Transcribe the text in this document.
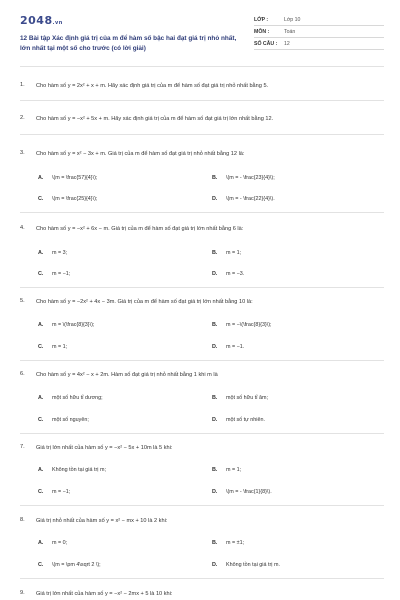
2048.vn
12 Bài tập Xác định giá trị của m để hàm số bậc hai đạt giá trị nhỏ nhất, lớn nhất tại một số cho trước (có lời giải)
LỚP :	Lớp 10
MÔN :	Toán
SỐ CÂU :	12
1.	Cho hàm số y = 2x² + x + m. Hãy xác định giá trị của m để hàm số đạt giá trị nhỏ nhất bằng 5.
2.	Cho hàm số y = −x² + 5x + m. Hãy xác định giá trị của m để hàm số đạt giá trị lớn nhất bằng 12.
3.	Cho hàm số y = x² − 3x + m. Giá trị của m để hàm số đạt giá trị nhỏ nhất bằng 12 là:
A. \(m = \frac{57}{4}\);	B. \(m = - \frac{23}{4}\);
C. \(m = \frac{25}{4}\);	D. \(m = - \frac{22}{4}\).
4.	Cho hàm số y = −x² + 6x − m. Giá trị của m để hàm số đạt giá trị lớn nhất bằng 6 là:
A. m = 3;	B. m = 1;
C. m = −1;	D. m = −3.
5.	Cho hàm số y = −2x² + 4x − 3m. Giá trị của m để hàm số đạt giá trị lớn nhất bằng 10 là:
A. m = \(\frac{8}{3}\);	B. m = −\(\frac{8}{3}\);
C. m = 1;	D. m = −1.
6.	Cho hàm số y = 4x² − x + 2m. Hàm số đạt giá trị nhỏ nhất bằng 1 khi m là
A. một số hữu tỉ dương;	B. một số hữu tỉ âm;
C. một số nguyên;	D. một số tự nhiên.
7.	Giá trị lớn nhất của hàm số y = −x² − 5x + 10m là 5 khi:
A. Không tồn tại giá trị m;	B. m = 1;
C. m = −1;	D. \(m = - \frac{1}{8}\).
8.	Giá trị nhỏ nhất của hàm số y = x² − mx + 10 là 2 khi:
A. m = 0;	B. m = ±1;
C. \(m = \pm 4\sqrt 2 \);	D. Không tồn tại giá trị m.
9.	Giá trị lớn nhất của hàm số y = −x² − 2mx + 5 là 10 khi:
